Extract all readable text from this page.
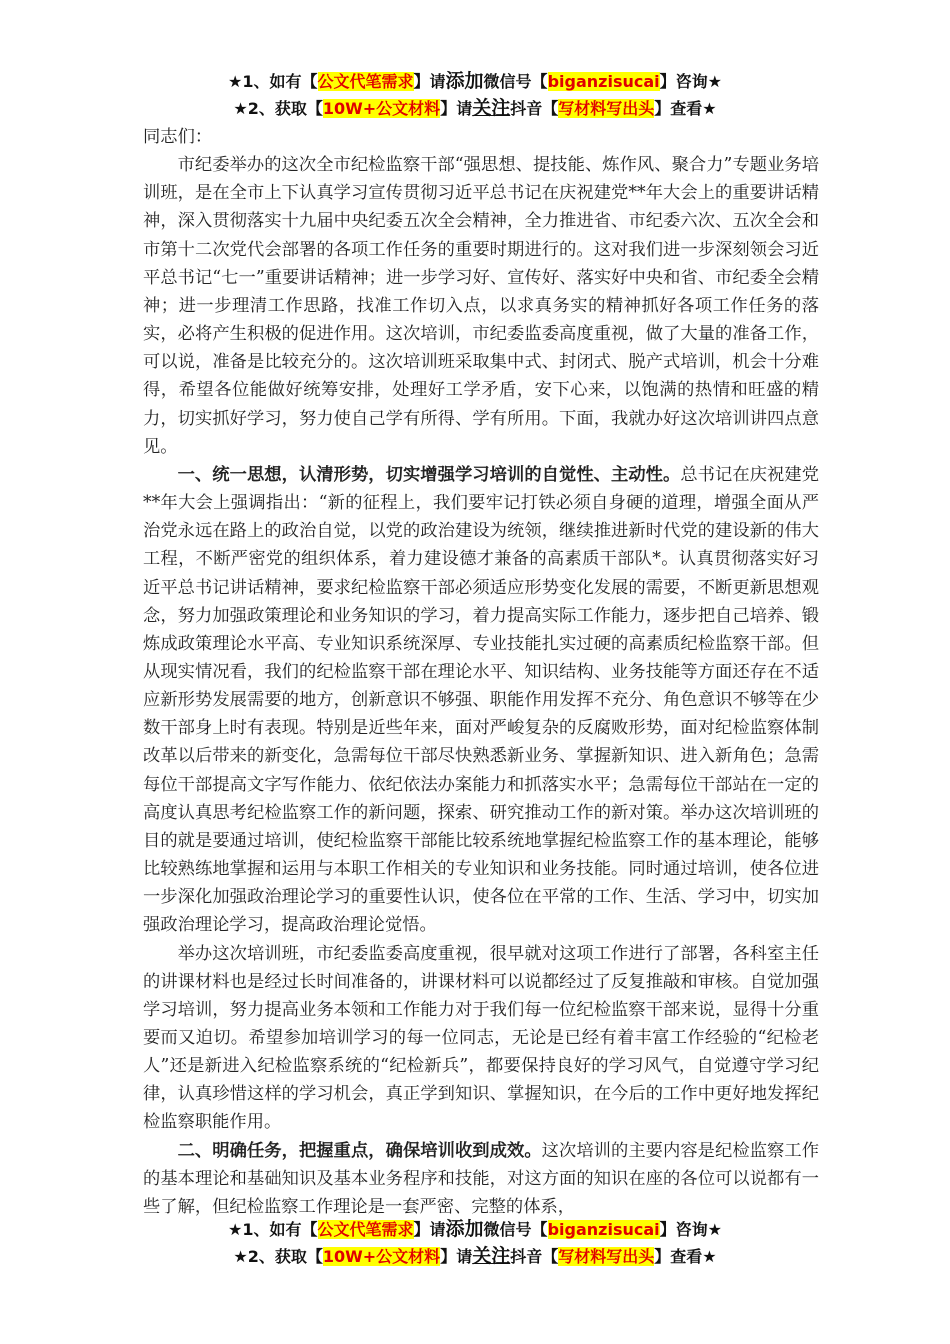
★1、如有【公文代笔需求】请添加微信号【biganzisucai】咨询★
★2、获取【10W+公文材料】请关注抖音【写材料写出头】查看★

同志们：

市纪委举办的这次全市纪检监察干部“强思想、提技能、炼作风、聚合力”专题业务培训班，是在全市上下认真学习宣传贯彻习近平总书记在庆祝建党**年大会上的重要讲话精神，深入贯彻落实十九届中央纪委五次全会精神，全力推进省、市纪委六次、五次全会和市第十二次党代会部署的各项工作任务的重要时期进行的。这对我们进一步深刻领会习近平总书记“七一”重要讲话精神；进一步学习好、宣传好、落实好中央和省、市纪委全会精神；进一步理清工作思路，找准工作切入点，以求真务实的精神抓好各项工作任务的落实，必将产生积极的促进作用。这次培训，市纪委监委高度重视，做了大量的准备工作，可以说，准备是比较充分的。这次培训班采取集中式、封闭式、脱产式培训，机会十分难得，希望各位能做好统筹安排，处理好工学矛盾，安下心来，以饱满的热情和旺盛的精力，切实抓好学习，努力使自己学有所得、学有所用。下面，我就办好这次培训讲四点意见。

一、统一思想，认清形势，切实增强学习培训的自觉性、主动性。总书记在庆祝建党**年大会上强调指出：“新的征程上，我们要牢记打铁必须自身硬的道理，增强全面从严治党永远在路上的政治自觉，以党的政治建设为统领，继续推进新时代党的建设新的伟大工程，不断严密党的组织体系，着力建设德才兼备的高素质干部队*。认真贯彻落实好习近平总书记讲话精神，要求纪检监察干部必须适应形势变化发展的需要，不断更新思想观念，努力加强政策理论和业务知识的学习，着力提高实际工作能力，逐步把自己培养、锻炼成政策理论水平高、专业知识系统深厚、专业技能扎实过硬的高素质纪检监察干部。但从现实情况看，我们的纪检监察干部在理论水平、知识结构、业务技能等方面还存在不适应新形势发展需要的地方，创新意识不够强、职能作用发挥不充分、角色意识不够等在少数干部身上时有表现。特别是近些年来，面对严峻复杂的反腐败形势，面对纪检监察体制改革以后带来的新变化，急需每位干部尽快熟悉新业务、掌握新知识、进入新角色；急需每位干部提高文字写作能力、依纪依法办案能力和抓落实水平；急需每位干部站在一定的高度认真思考纪检监察工作的新问题，探索、研究推动工作的新对策。举办这次培训班的目的就是要通过培训，使纪检监察干部能比较系统地掌握纪检监察工作的基本理论，能够比较熟练地掌握和运用与本职工作相关的专业知识和业务技能。同时通过培训，使各位进一步深化加强政治理论学习的重要性认识，使各位在平常的工作、生活、学习中，切实加强政治理论学习，提高政治理论觉悟。

举办这次培训班，市纪委监委高度重视，很早就对这项工作进行了部署，各科室主任的讲课材料也是经过长时间准备的，讲课材料可以说都经过了反复推敲和审核。自觉加强学习培训，努力提高业务本领和工作能力对于我们每一位纪检监察干部来说，显得十分重要而又迫切。希望参加培训学习的每一位同志，无论是已经有着丰富工作经验的“纪检老人”还是新进入纪检监察系统的“纪检新兵”，都要保持良好的学习风气，自觉遵守学习纪律，认真珍惜这样的学习机会，真正学到知识、掌握知识，在今后的工作中更好地发挥纪检监察职能作用。

二、明确任务，把握重点，确保培训收到成效。这次培训的主要内容是纪检监察工作的基本理论和基础知识及基本业务程序和技能，对这方面的知识在座的各位可以说都有一些了解，但纪检监察工作理论是一套严密、完整的体系，

★1、如有【公文代笔需求】请添加微信号【biganzisucai】咨询★
★2、获取【10W+公文材料】请关注抖音【写材料写出头】查看★
